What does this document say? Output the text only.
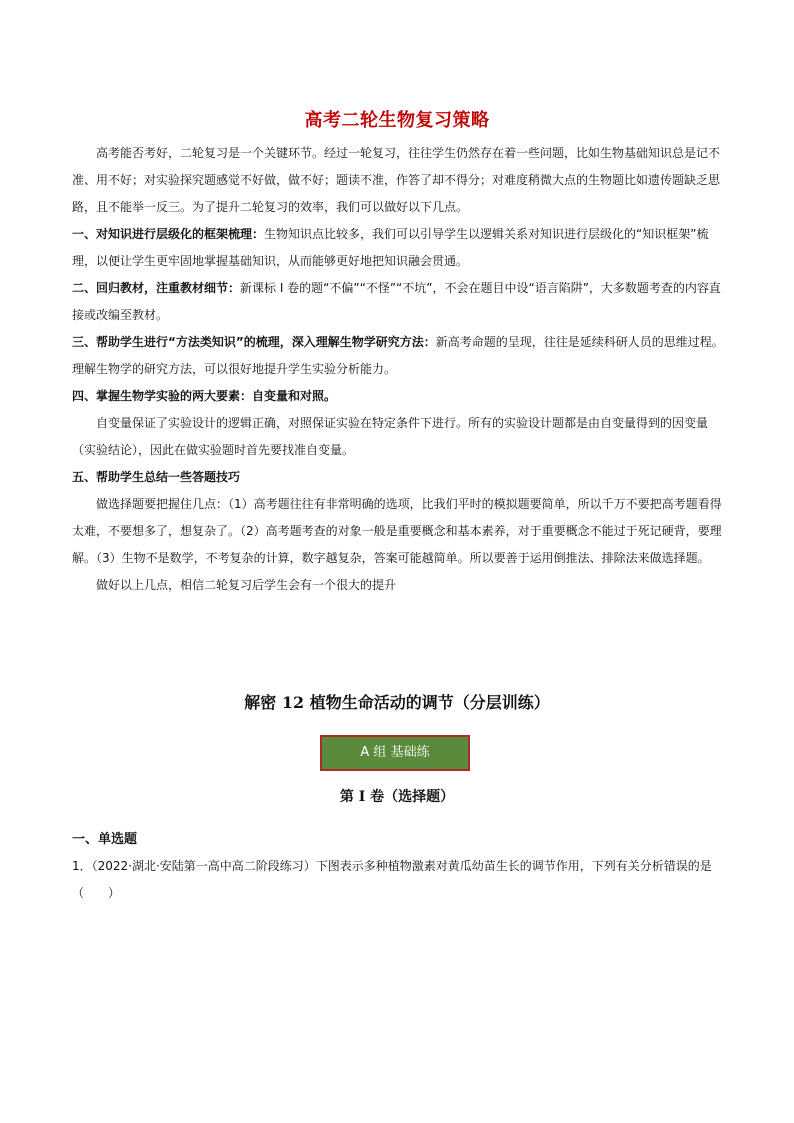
高考二轮生物复习策略

高考能否考好，二轮复习是一个关键环节。经过一轮复习，往往学生仍然存在着一些问题，比如生物基础知识总是记不准、用不好；对实验探究题感觉不好做，做不好；题读不准，作答了却不得分；对难度稍微大点的生物题比如遗传题缺乏思路，且不能举一反三。为了提升二轮复习的效率，我们可以做好以下几点。

一、对知识进行层级化的框架梳理：生物知识点比较多，我们可以引导学生以逻辑关系对知识进行层级化的“知识框架”梳理，以便让学生更牢固地掌握基础知识，从而能够更好地把知识融会贯通。

二、回归教材，注重教材细节：新课标 I 卷的题“不偏”“不怪”“不坑”，不会在题目中设“语言陷阱”，大多数题考查的内容直接或改编至教材。

三、帮助学生进行“方法类知识”的梳理，深入理解生物学研究方法：新高考命题的呈现，往往是延续科研人员的思维过程。理解生物学的研究方法，可以很好地提升学生实验分析能力。

四、掌握生物学实验的两大要素：自变量和对照。

自变量保证了实验设计的逻辑正确，对照保证实验在特定条件下进行。所有的实验设计题都是由自变量得到的因变量（实验结论），因此在做实验题时首先要找准自变量。

五、帮助学生总结一些答题技巧

做选择题要把握住几点：（1）高考题往往有非常明确的选项，比我们平时的模拟题要简单，所以千万不要把高考题看得太难，不要想多了，想复杂了。（2）高考题考查的对象一般是重要概念和基本素养，对于重要概念不能过于死记硬背，要理解。（3）生物不是数学，不考复杂的计算，数字越复杂，答案可能越简单。所以要善于运用倒推法、排除法来做选择题。

做好以上几点，相信二轮复习后学生会有一个很大的提升

解密 12 植物生命活动的调节（分层训练）
A 组 基础练
第 I 卷（选择题）
一、单选题

1．（2022·湖北·安陆第一高中高二阶段练习）下图表示多种植物激素对黄瓜幼苗生长的调节作用，下列有关分析错误的是（　　）
